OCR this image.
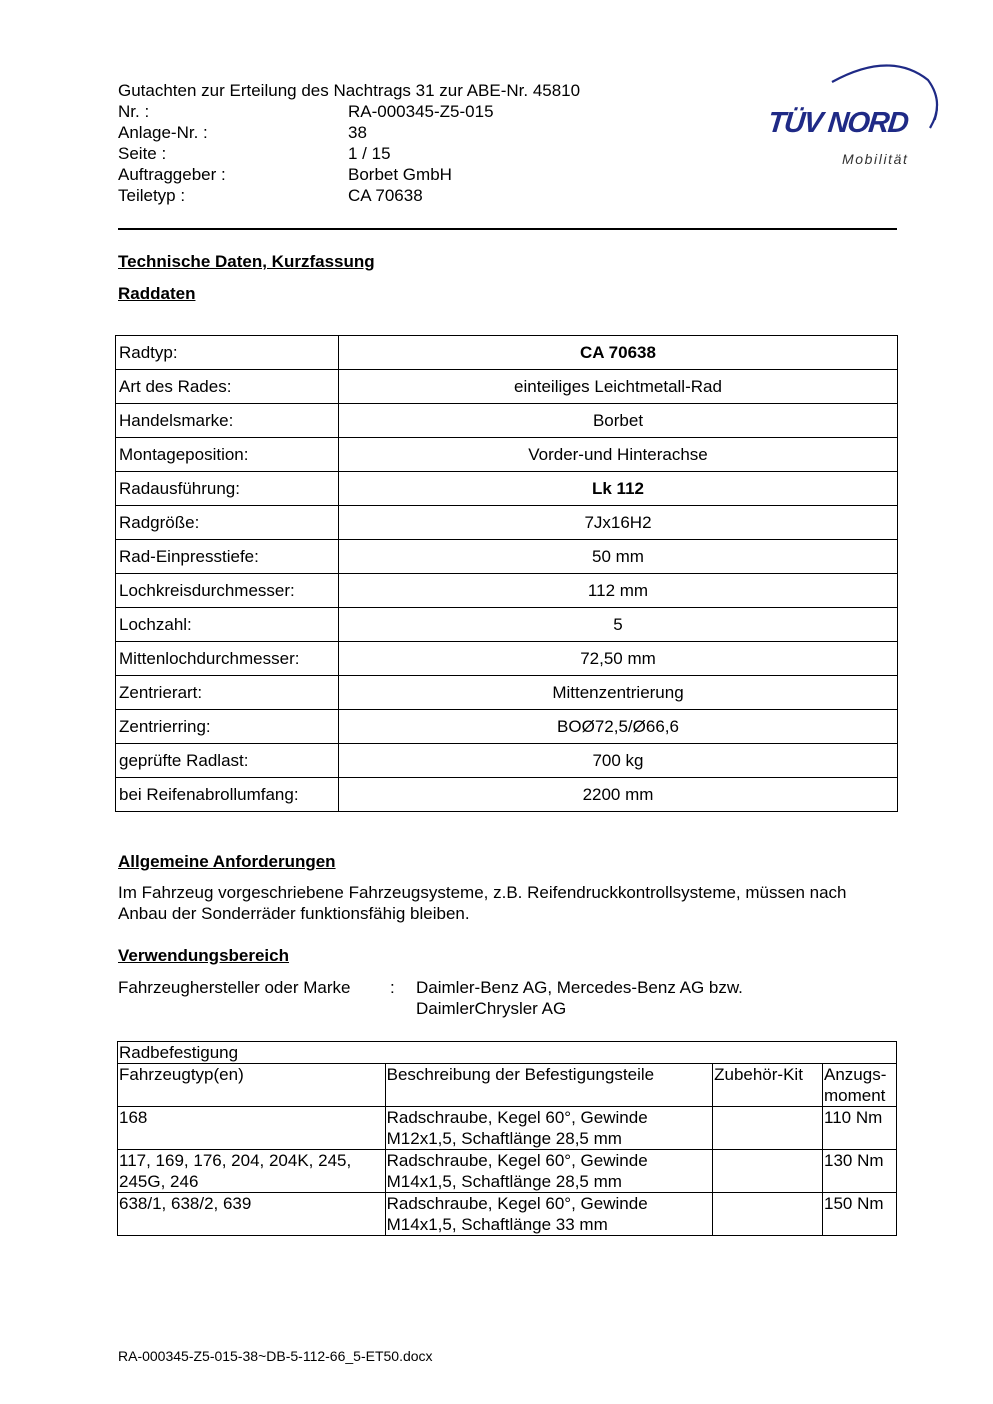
Gutachten zur Erteilung des Nachtrags 31 zur ABE-Nr. 45810
Nr. :	RA-000345-Z5-015
Anlage-Nr. :	38
Seite :	1 / 15
Auftraggeber :	Borbet GmbH
Teiletyp :	CA 70638
TÜV NORD
Mobilität
Technische Daten, Kurzfassung
Raddaten
Radtyp:	CA 70638
Art des Rades:	einteiliges Leichtmetall-Rad
Handelsmarke:	Borbet
Montageposition:	Vorder-und Hinterachse
Radausführung:	Lk 112
Radgröße:	7Jx16H2
Rad-Einpresstiefe:	50 mm
Lochkreisdurchmesser:	112 mm
Lochzahl:	5
Mittenlochdurchmesser:	72,50 mm
Zentrierart:	Mittenzentrierung
Zentrierring:	BOØ72,5/Ø66,6
geprüfte Radlast:	700 kg
bei Reifenabrollumfang:	2200 mm
Allgemeine Anforderungen
Im Fahrzeug vorgeschriebene Fahrzeugsysteme, z.B. Reifendruckkontrollsysteme, müssen nach Anbau der Sonderräder funktionsfähig bleiben.
Verwendungsbereich
Fahrzeughersteller oder Marke	:	Daimler-Benz AG, Mercedes-Benz AG bzw. DaimlerChrysler AG
Radbefestigung			
Fahrzeugtyp(en)	Beschreibung der Befestigungsteile	Zubehör-Kit	Anzugs-moment
168	Radschraube, Kegel 60°, Gewinde M12x1,5, Schaftlänge 28,5 mm		110 Nm
117, 169, 176, 204, 204K, 245, 245G, 246	Radschraube, Kegel 60°, Gewinde M14x1,5, Schaftlänge 28,5 mm		130 Nm
638/1, 638/2, 639	Radschraube, Kegel 60°, Gewinde M14x1,5, Schaftlänge 33 mm		150 Nm
RA-000345-Z5-015-38~DB-5-112-66_5-ET50.docx
